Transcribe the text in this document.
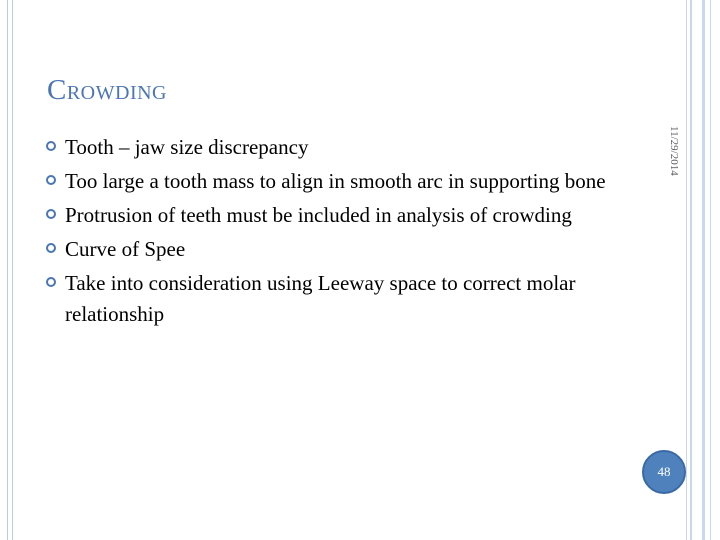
Crowding
11/29/2014
Tooth – jaw size discrepancy
Too large a tooth mass to align in smooth arc in supporting bone
Protrusion of teeth must be included in analysis of crowding
Curve of Spee
Take into consideration using Leeway space to correct molar relationship
48
